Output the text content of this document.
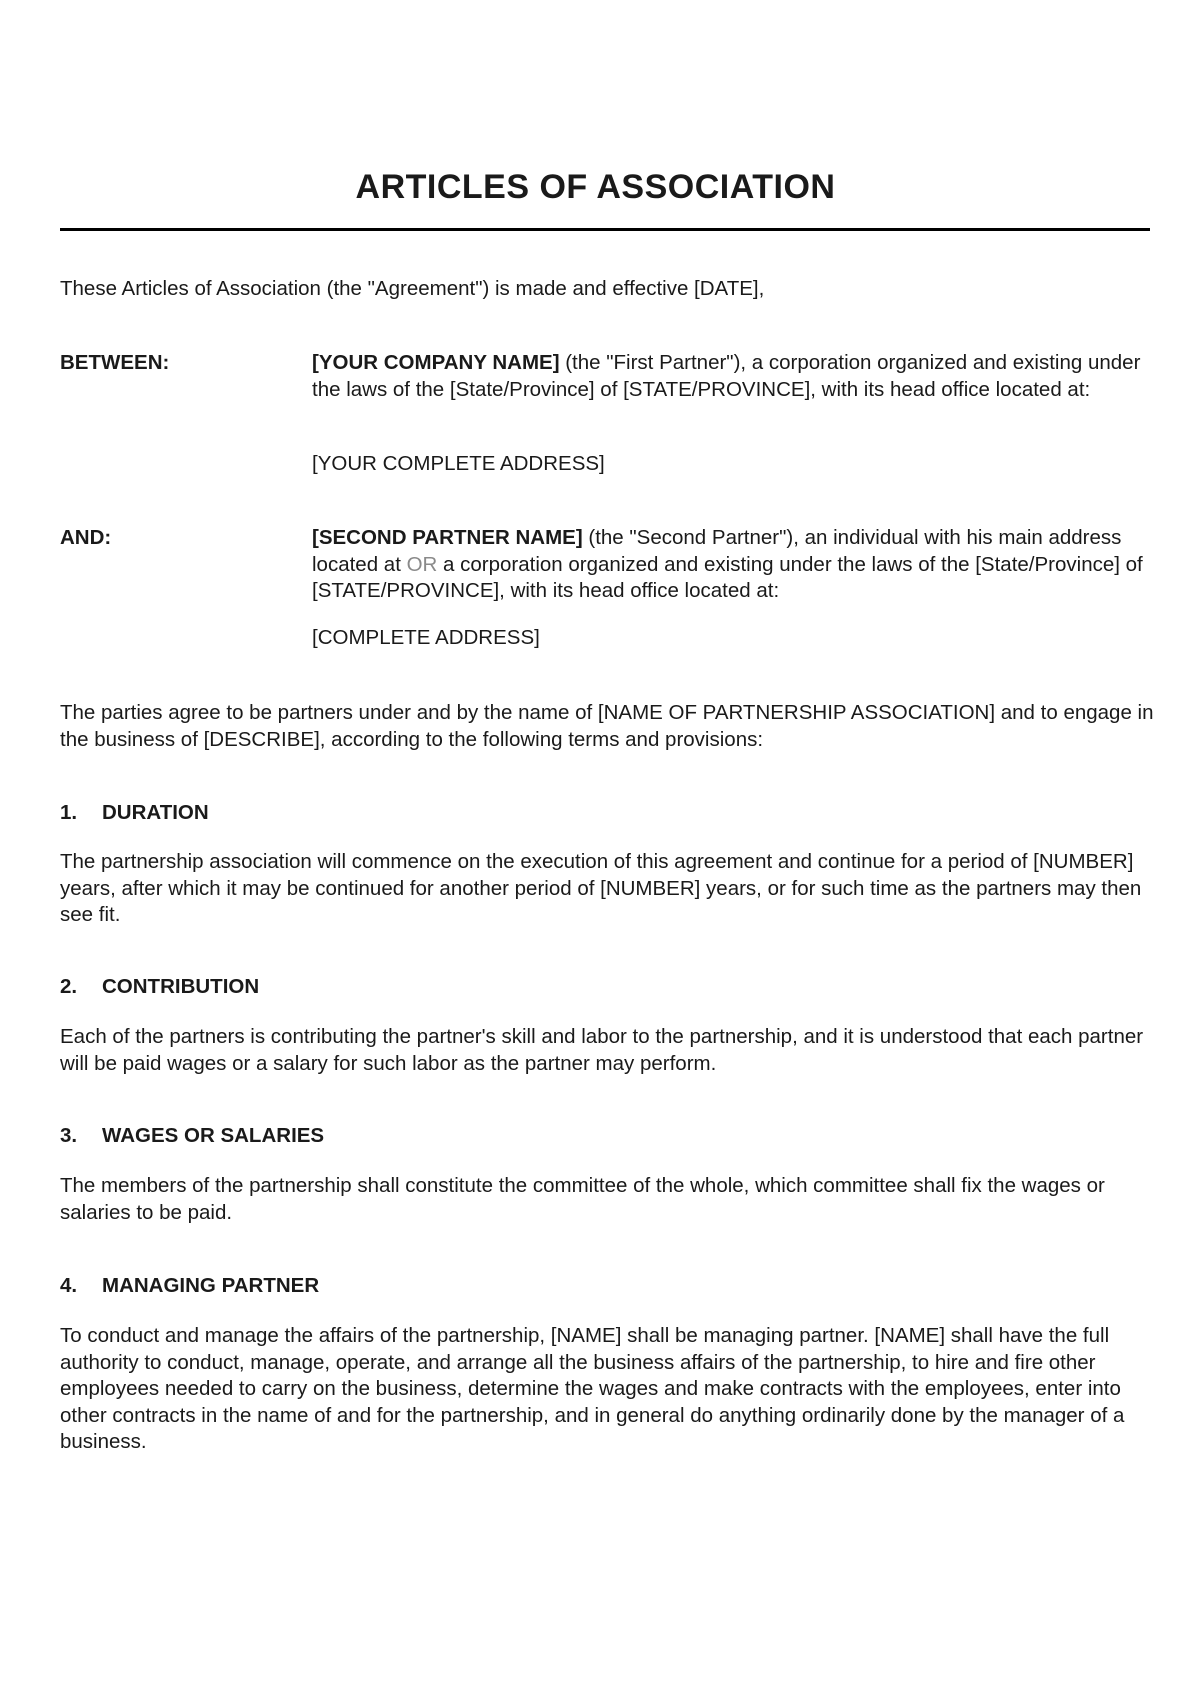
ARTICLES OF ASSOCIATION

These Articles of Association (the "Agreement") is made and effective [DATE],

BETWEEN:	[YOUR COMPANY NAME] (the "First Partner"), a corporation organized and existing under the laws of the [State/Province] of [STATE/PROVINCE], with its head office located at:

[YOUR COMPLETE ADDRESS]

AND:	[SECOND PARTNER NAME] (the "Second Partner"), an individual with his main address located at OR a corporation organized and existing under the laws of the [State/Province] of [STATE/PROVINCE], with its head office located at:

[COMPLETE ADDRESS]

The parties agree to be partners under and by the name of [NAME OF PARTNERSHIP ASSOCIATION] and to engage in the business of [DESCRIBE], according to the following terms and provisions:

1. DURATION

The partnership association will commence on the execution of this agreement and continue for a period of [NUMBER] years, after which it may be continued for another period of [NUMBER] years, or for such time as the partners may then see fit.

2. CONTRIBUTION

Each of the partners is contributing the partner's skill and labor to the partnership, and it is understood that each partner will be paid wages or a salary for such labor as the partner may perform.

3. WAGES OR SALARIES

The members of the partnership shall constitute the committee of the whole, which committee shall fix the wages or salaries to be paid.

4. MANAGING PARTNER

To conduct and manage the affairs of the partnership, [NAME] shall be managing partner. [NAME] shall have the full authority to conduct, manage, operate, and arrange all the business affairs of the partnership, to hire and fire other employees needed to carry on the business, determine the wages and make contracts with the employees, enter into other contracts in the name of and for the partnership, and in general do anything ordinarily done by the manager of a business.
